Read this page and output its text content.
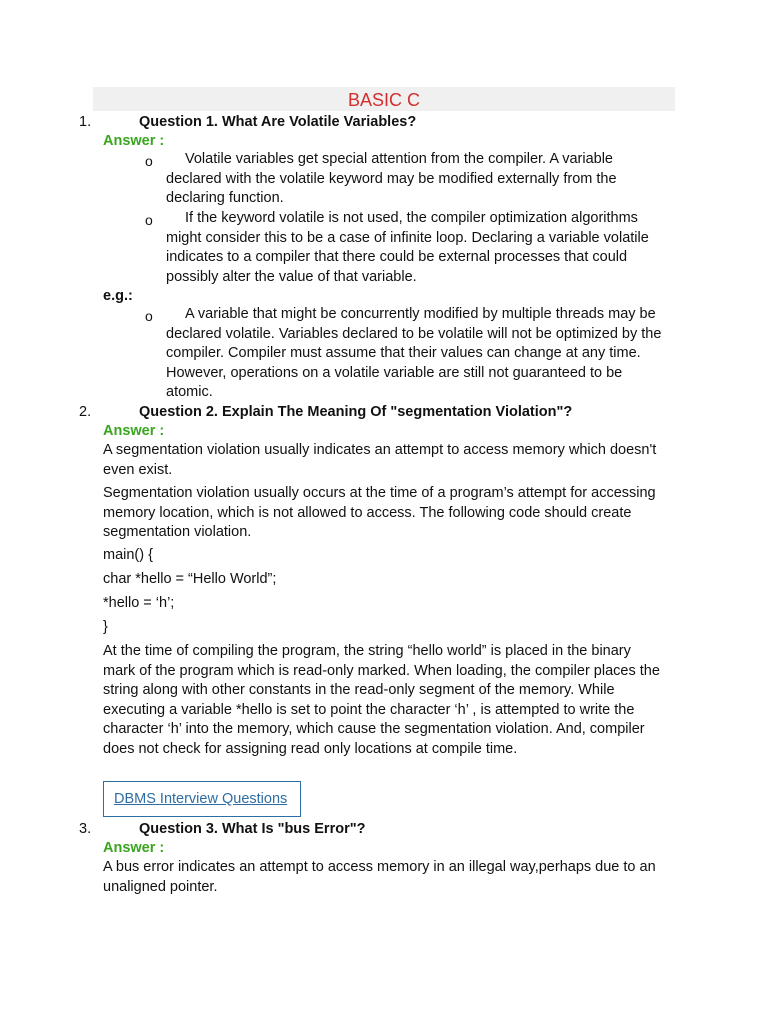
BASIC C
1.	Question 1. What Are Volatile Variables?
Answer :
o	Volatile variables get special attention from the compiler. A variable declared with the volatile keyword may be modified externally from the declaring function.
o	If the keyword volatile is not used, the compiler optimization algorithms might consider this to be a case of infinite loop. Declaring a variable volatile indicates to a compiler that there could be external processes that could possibly alter the value of that variable.
e.g.:
o	A variable that might be concurrently modified by multiple threads may be declared volatile. Variables declared to be volatile will not be optimized by the compiler. Compiler must assume that their values can change at any time. However, operations on a volatile variable are still not guaranteed to be atomic.
2.	Question 2. Explain The Meaning Of "segmentation Violation"?
Answer :
A segmentation violation usually indicates an attempt to access memory which doesn't even exist.
Segmentation violation usually occurs at the time of a program’s attempt for accessing memory location, which is not allowed to access. The following code should create segmentation violation.
main() {
char *hello = “Hello World”;
*hello = ‘h’;
}
At the time of compiling the program, the string “hello world” is placed in the binary mark of the program which is read-only marked. When loading, the compiler places the string along with other constants in the read-only segment of the memory. While executing a variable *hello is set to point the character ‘h’ , is attempted to write the character ‘h’ into the memory, which cause the segmentation violation. And, compiler does not check for assigning read only locations at compile time.
DBMS Interview Questions
3.	Question 3. What Is "bus Error"?
Answer :
A bus error indicates an attempt to access memory in an illegal way,perhaps due to an unaligned pointer.
